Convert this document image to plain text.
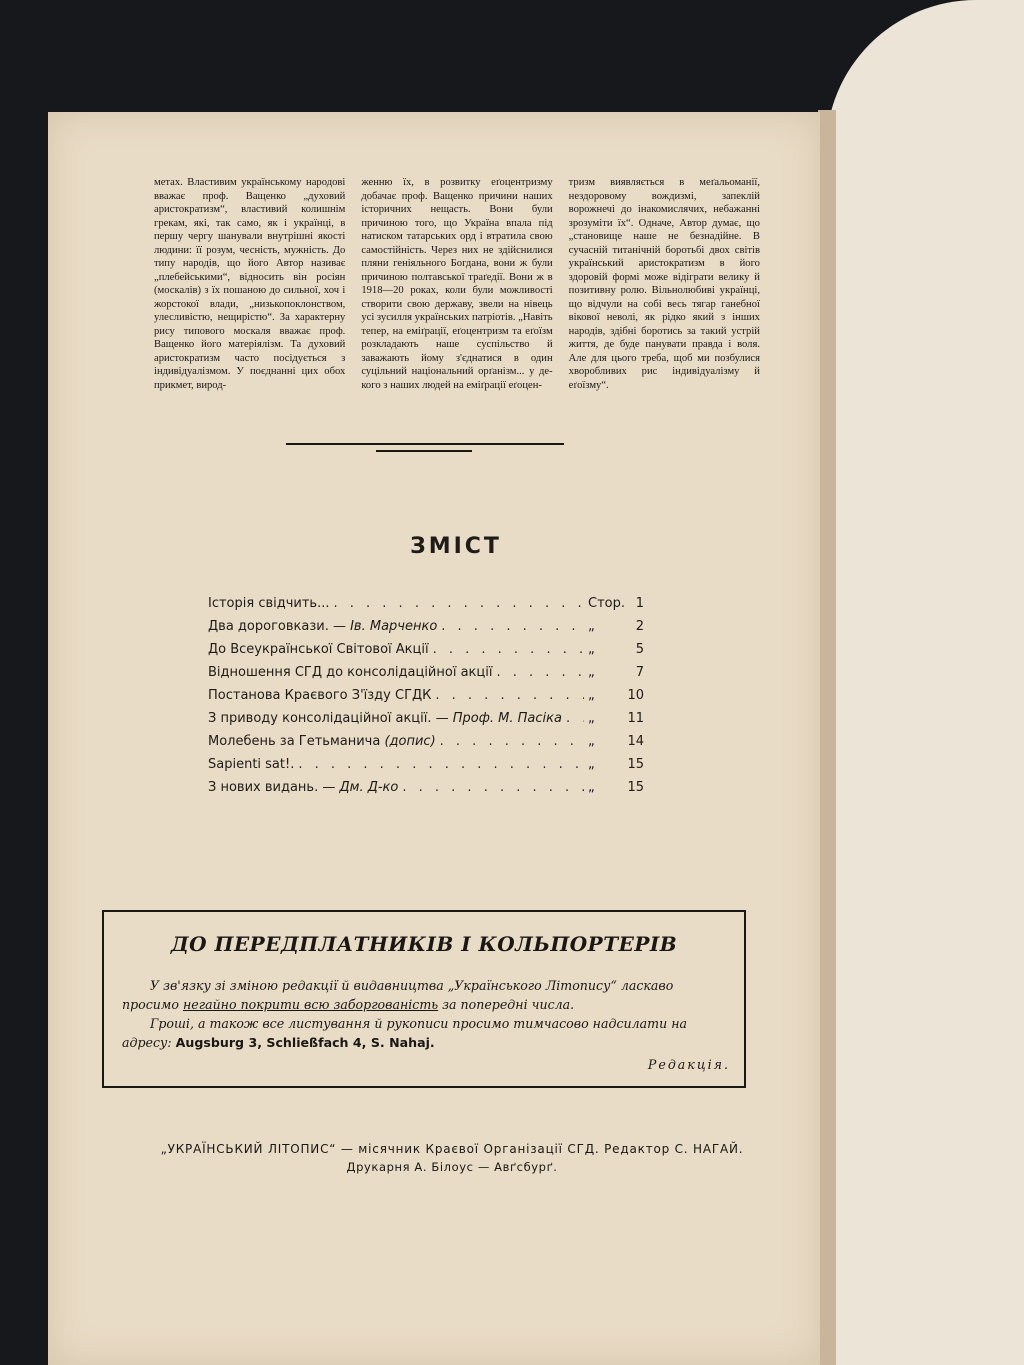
метах. Властивим українському народові вважає проф. Ващенко „духовий аристократизм“, властивий колишнім грекам, які, так само, як і українці, в першу чергу шанували внутрішні якості людини: її розум, чесність, мужність. До типу народів, що його Автор називає „плебейськими“, відносить він росіян (москалів) з їх пошаною до сильної, хоч і жорстокої влади, „низькопоклонством, улесливістю, нещирістю“. За характерну рису типового москаля вважає проф. Ващенко його матеріялізм. Та духовий аристократизм часто посідується з індивідуалізмом. У поєднанні цих обох прикмет, вирод-

женню їх, в розвитку еґоцентризму добачає проф. Ващенко причини наших історичних нещасть. Вони були причиною того, що Україна впала під натиском татарських орд і втратила свою самостійність. Через них не здійснилися пляни геніяльного Богдана, вони ж були причиною полтавської траґедії. Вони ж в 1918—20 роках, коли були можливості створити свою державу, звели на нівець усі зусилля українських патріотів. „Навіть тепер, на еміґрації, еґоцентризм та еґоїзм розкладають наше суспільство й заважають йому з'єднатися в один суцільний національний орґанізм... у де-кого з наших людей на еміґрації еґоцен-

тризм виявляється в меґальоманії, нездоровому вождизмі, запеклій ворожнечі до інакомислячих, небажанні зрозуміти їх“. Одначе, Автор думає, що „становище наше не безнадійне. В сучасній титанічній боротьбі двох світів український аристократизм в його здоровій формі може відіграти велику й позитивну ролю. Вільнолюбиві українці, що відчули на собі весь тягар ганебної вікової неволі, як рідко який з інших народів, здібні боротись за такий устрій життя, де буде панувати правда і воля. Але для цього треба, щоб ми позбулися хворобливих рис індивідуалізму й еґоїзму“.

ЗМІСТ
Історія свідчить... . . .	Стор. 1
Два дороговкази. — Ів. Марченко . . .	„	2
До Всеукраїнської Світової Акції . . .	„	5
Відношення СГД до консолідаційної акції . . .	„	7
Постанова Краєвого З'їзду СГДК . . .	„	10
З приводу консолідаційної акції. — Проф. М. Пасіка . . . „	11
Молебень за Гетьманича (допис) . . .	„	14
Sapienti sat!. . . .	„	15
З нових видань. — Дм. Д-ко . . .	„	15
ДО ПЕРЕДПЛАТНИКІВ І КОЛЬПОРТЕРІВ

У зв'язку зі зміною редакції й видавництва „Українського Літопису“ ласкаво просимо негайно покрити всю заборгованість за попередні числа.

Гроші, а також все листування й рукописи просимо тимчасово надсилати на адресу: Augsburg 3, Schließfach 4, S. Nahaj.

Редакція.
„УКРАЇНСЬКИЙ ЛІТОПИС“ — місячник Краєвої Організації СГД. Редактор С. НАГАЙ.
Друкарня А. Білоус — Авґсбурґ.
